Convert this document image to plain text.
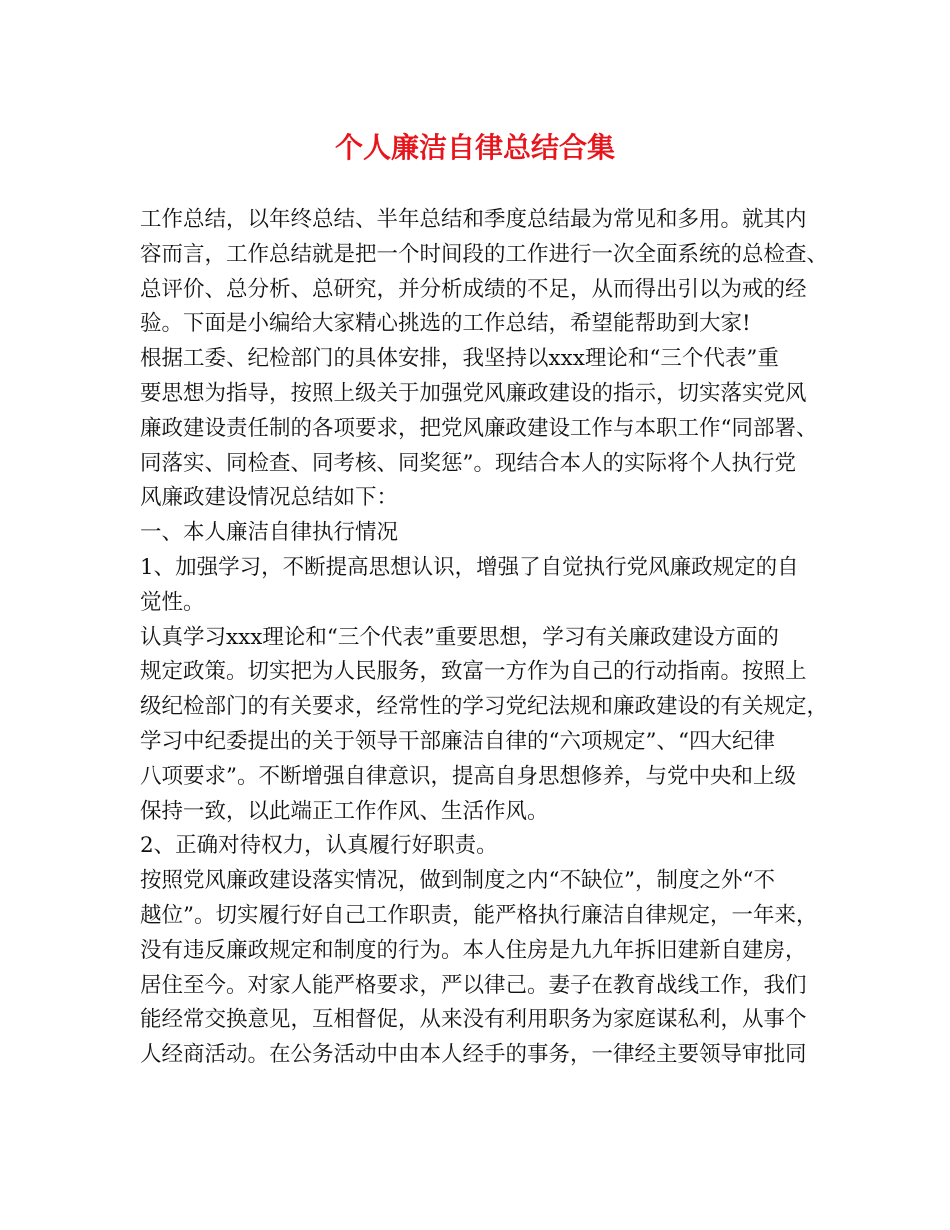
个人廉洁自律总结合集

工作总结，以年终总结、半年总结和季度总结最为常见和多用。就其内

容而言，工作总结就是把一个时间段的工作进行一次全面系统的总检查、

总评价、总分析、总研究，并分析成绩的不足，从而得出引以为戒的经

验。下面是小编给大家精心挑选的工作总结，希望能帮助到大家!

根据工委、纪检部门的具体安排，我坚持以xxx理论和“三个代表”重

要思想为指导，按照上级关于加强党风廉政建设的指示，切实落实党风

廉政建设责任制的各项要求，把党风廉政建设工作与本职工作“同部署、

同落实、同检查、同考核、同奖惩”。现结合本人的实际将个人执行党

风廉政建设情况总结如下：

一、本人廉洁自律执行情况

1、加强学习，不断提高思想认识，增强了自觉执行党风廉政规定的自

觉性。

认真学习xxx理论和“三个代表”重要思想，学习有关廉政建设方面的

规定政策。切实把为人民服务，致富一方作为自己的行动指南。按照上

级纪检部门的有关要求，经常性的学习党纪法规和廉政建设的有关规定，

学习中纪委提出的关于领导干部廉洁自律的“六项规定”、“四大纪律

八项要求”。不断增强自律意识，提高自身思想修养，与党中央和上级

保持一致，以此端正工作作风、生活作风。

2、正确对待权力，认真履行好职责。

按照党风廉政建设落实情况，做到制度之内“不缺位”，制度之外“不

越位”。切实履行好自己工作职责，能严格执行廉洁自律规定，一年来，

没有违反廉政规定和制度的行为。本人住房是九九年拆旧建新自建房，

居住至今。对家人能严格要求，严以律己。妻子在教育战线工作，我们

能经常交换意见，互相督促，从来没有利用职务为家庭谋私利，从事个

人经商活动。在公务活动中由本人经手的事务，一律经主要领导审批同
